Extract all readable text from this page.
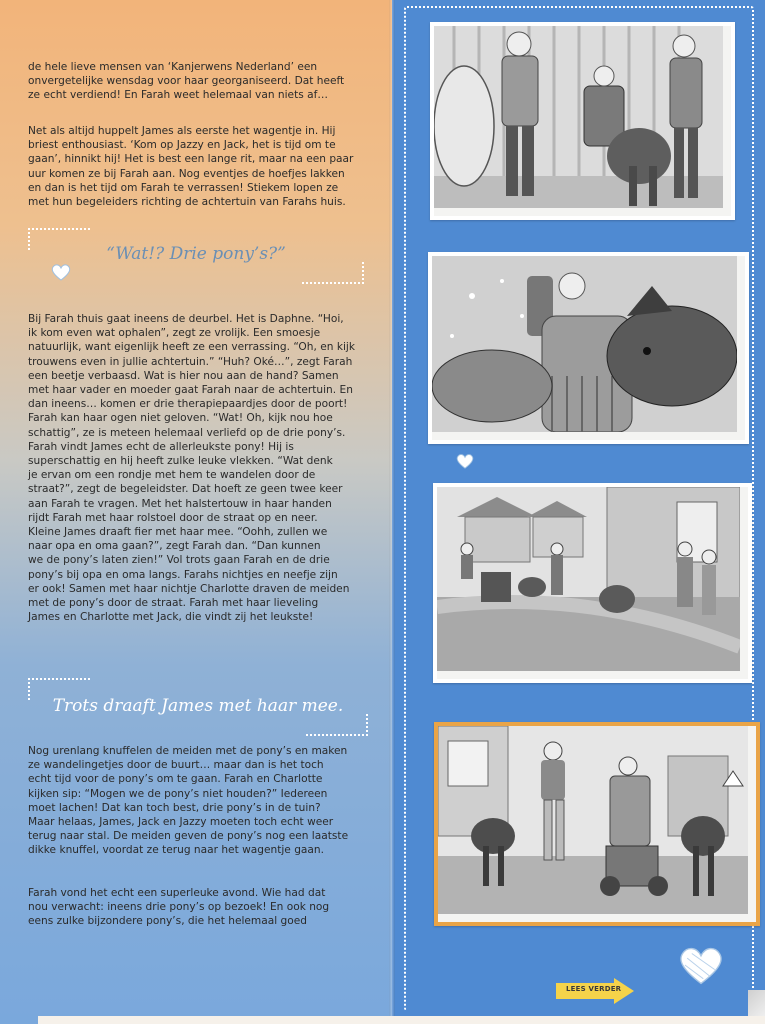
de hele lieve mensen van ‘Kanjerwens Nederland’ een
onvergetelijke wensdag voor haar georganiseerd. Dat heeft
ze echt verdiend! En Farah weet helemaal van niets af…

Net als altijd huppelt James als eerste het wagentje in. Hij
briest enthousiast. ‘Kom op Jazzy en Jack, het is tijd om te
gaan’, hinnikt hij! Het is best een lange rit, maar na een paar
uur komen ze bij Farah aan. Nog eventjes de hoefjes lakken
en dan is het tijd om Farah te verrassen! Stiekem lopen ze
met hun begeleiders richting de achtertuin van Farahs huis.

“Wat!? Drie pony’s?”

Bij Farah thuis gaat ineens de deurbel. Het is Daphne. “Hoi,
ik kom even wat ophalen”, zegt ze vrolijk. Een smoesje
natuurlijk, want eigenlijk heeft ze een verrassing. “Oh, en kijk
trouwens even in jullie achtertuin.” “Huh? Oké…”, zegt Farah
een beetje verbaasd. Wat is hier nou aan de hand? Samen
met haar vader en moeder gaat Farah naar de achtertuin. En
dan ineens… komen er drie therapiepaardjes door de poort!
Farah kan haar ogen niet geloven. “Wat! Oh, kijk nou hoe
schattig”, ze is meteen helemaal verliefd op de drie pony’s.
Farah vindt James echt de allerleukste pony! Hij is
superschattig en hij heeft zulke leuke vlekken. “Wat denk
je ervan om een rondje met hem te wandelen door de
straat?”, zegt de begeleidster. Dat hoeft ze geen twee keer
aan Farah te vragen. Met het halstertouw in haar handen
rijdt Farah met haar rolstoel door de straat op en neer.
Kleine James draaft fier met haar mee. “Oohh, zullen we
naar opa en oma gaan?”, zegt Farah dan. “Dan kunnen
we de pony’s laten zien!” Vol trots gaan Farah en de drie
pony’s bij opa en oma langs. Farahs nichtjes en neefje zijn
er ook! Samen met haar nichtje Charlotte draven de meiden
met de pony’s door de straat. Farah met haar lieveling
James en Charlotte met Jack, die vindt zij het leukste!

Trots draaft James met haar mee.

Nog urenlang knuffelen de meiden met de pony’s en maken
ze wandelingetjes door de buurt… maar dan is het toch
echt tijd voor de pony’s om te gaan. Farah en Charlotte
kijken sip: “Mogen we de pony’s niet houden?” Iedereen
moet lachen! Dat kan toch best, drie pony’s in de tuin?
Maar helaas, James, Jack en Jazzy moeten toch echt weer
terug naar stal. De meiden geven de pony’s nog een laatste
dikke knuffel, voordat ze terug naar het wagentje gaan.

Farah vond het echt een superleuke avond. Wie had dat
nou verwacht: ineens drie pony’s op bezoek! En ook nog
eens zulke bijzondere pony’s, die het helemaal goed

LEES VERDER
